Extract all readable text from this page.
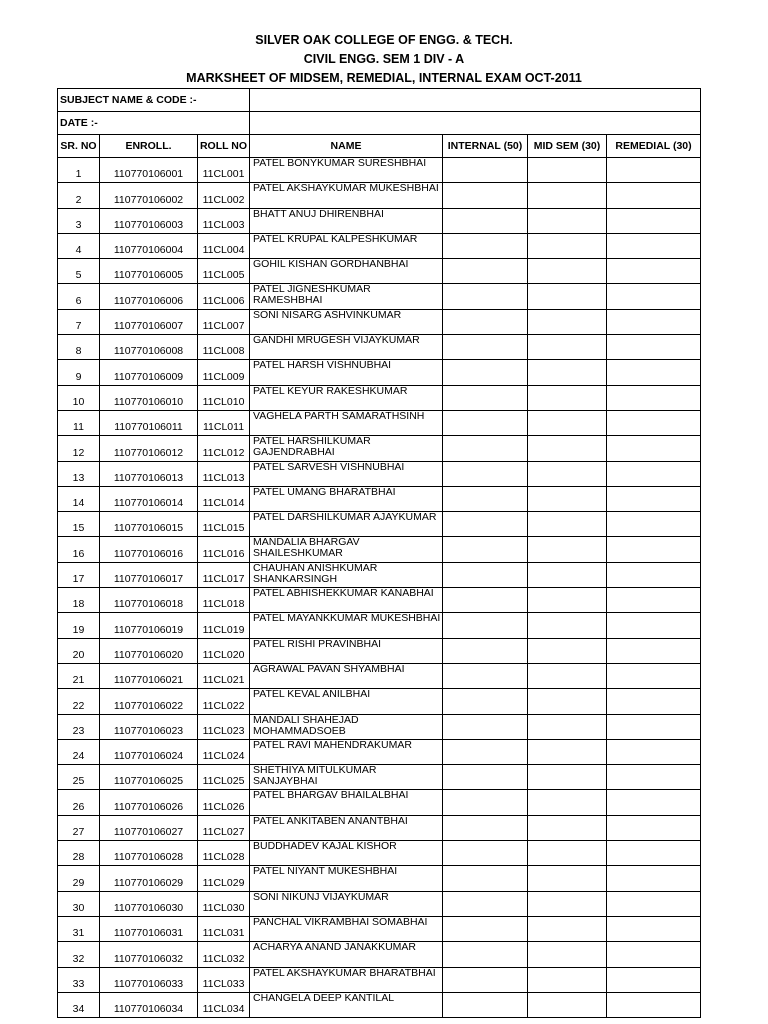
SILVER OAK COLLEGE OF ENGG. & TECH.
CIVIL ENGG. SEM 1 DIV - A
MARKSHEET OF MIDSEM, REMEDIAL, INTERNAL EXAM OCT-2011
SUBJECT NAME & CODE :-						
DATE :-						
SR. NO	ENROLL.	ROLL NO	NAME	INTERNAL (50)	MID SEM (30)	REMEDIAL (30)
1	110770106001	11CL001	PATEL BONYKUMAR SURESHBHAI			

2	110770106002	11CL002	PATEL AKSHAYKUMAR MUKESHBHAI			

3	110770106003	11CL003	BHATT ANUJ DHIRENBHAI			

4	110770106004	11CL004	PATEL KRUPAL KALPESHKUMAR			

5	110770106005	11CL005	GOHIL KISHAN GORDHANBHAI			

6	110770106006	11CL006	PATEL JIGNESHKUMAR RAMESHBHAI			

7	110770106007	11CL007	SONI NISARG ASHVINKUMAR			

8	110770106008	11CL008	GANDHI MRUGESH VIJAYKUMAR			

9	110770106009	11CL009	PATEL HARSH VISHNUBHAI			

10	110770106010	11CL010	PATEL KEYUR RAKESHKUMAR			

11	110770106011	11CL011	VAGHELA PARTH SAMARATHSINH			

12	110770106012	11CL012	PATEL HARSHILKUMAR GAJENDRABHAI			

13	110770106013	11CL013	PATEL SARVESH VISHNUBHAI			

14	110770106014	11CL014	PATEL UMANG BHARATBHAI			

15	110770106015	11CL015	PATEL DARSHILKUMAR AJAYKUMAR			

16	110770106016	11CL016	MANDALIA BHARGAV SHAILESHKUMAR			

17	110770106017	11CL017	CHAUHAN ANISHKUMAR SHANKARSINGH			

18	110770106018	11CL018	PATEL ABHISHEKKUMAR KANABHAI			

19	110770106019	11CL019	PATEL MAYANKKUMAR MUKESHBHAI			

20	110770106020	11CL020	PATEL RISHI PRAVINBHAI			

21	110770106021	11CL021	AGRAWAL PAVAN SHYAMBHAI			

22	110770106022	11CL022	PATEL KEVAL ANILBHAI			

23	110770106023	11CL023	MANDALI SHAHEJAD MOHAMMADSOEB			

24	110770106024	11CL024	PATEL RAVI MAHENDRAKUMAR			

25	110770106025	11CL025	SHETHIYA MITULKUMAR SANJAYBHAI			

26	110770106026	11CL026	PATEL BHARGAV BHAILALBHAI			

27	110770106027	11CL027	PATEL ANKITABEN ANANTBHAI			

28	110770106028	11CL028	BUDDHADEV KAJAL KISHOR			

29	110770106029	11CL029	PATEL NIYANT MUKESHBHAI			

30	110770106030	11CL030	SONI NIKUNJ VIJAYKUMAR			

31	110770106031	11CL031	PANCHAL VIKRAMBHAI SOMABHAI			

32	110770106032	11CL032	ACHARYA ANAND JANAKKUMAR			

33	110770106033	11CL033	PATEL AKSHAYKUMAR BHARATBHAI			

34	110770106034	11CL034	CHANGELA DEEP KANTILAL			
